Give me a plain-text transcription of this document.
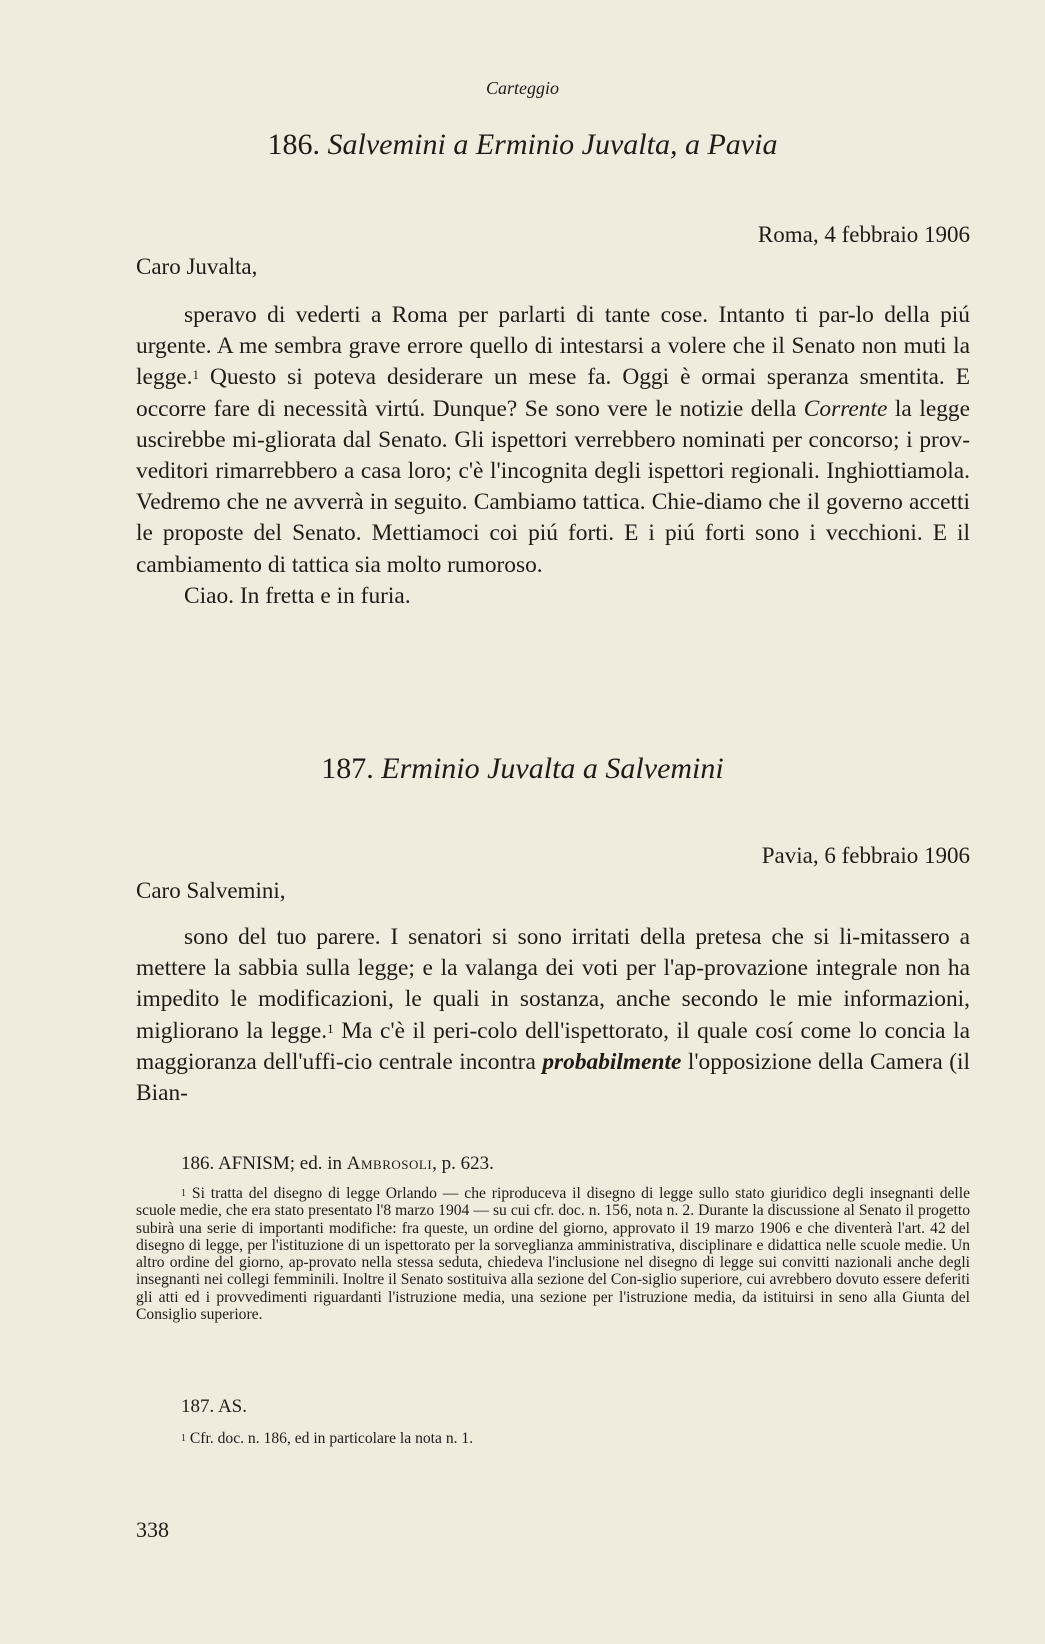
Carteggio
186. Salvemini a Erminio Juvalta, a Pavia
Roma, 4 febbraio 1906
Caro Juvalta,

speravo di vederti a Roma per parlarti di tante cose. Intanto ti par-lo della piú urgente. A me sembra grave errore quello di intestarsi a volere che il Senato non muti la legge.$^1$ Questo si poteva desiderare un mese fa. Oggi è ormai speranza smentita. E occorre fare di necessità virtú. Dunque? Se sono vere le notizie della Corrente la legge uscirebbe mi-gliorata dal Senato. Gli ispettori verrebbero nominati per concorso; i prov-veditori rimarrebbero a casa loro; c'è l'incognita degli ispettori regionali. Inghiottiamola. Vedremo che ne avverrà in seguito. Cambiamo tattica. Chie-diamo che il governo accetti le proposte del Senato. Mettiamoci coi piú forti. E i piú forti sono i vecchioni. E il cambiamento di tattica sia molto rumoroso.

Ciao. In fretta e in furia.

187. Erminio Juvalta a Salvemini
Pavia, 6 febbraio 1906
Caro Salvemini,

sono del tuo parere. I senatori si sono irritati della pretesa che si li-mitassero a mettere la sabbia sulla legge; e la valanga dei voti per l'ap-provazione integrale non ha impedito le modificazioni, le quali in sostanza, anche secondo le mie informazioni, migliorano la legge.$^1$ Ma c'è il peri-colo dell'ispettorato, il quale cosí come lo concia la maggioranza dell'uffi-cio centrale incontra probabilmente l'opposizione della Camera (il Bian-

186. AFNISM; ed. in Ambrosoli, p. 623.

$^1$ Si tratta del disegno di legge Orlando — che riproduceva il disegno di legge sullo stato giuridico degli insegnanti delle scuole medie, che era stato presentato l'8 marzo 1904 — su cui cfr. doc. n. 156, nota n. 2. Durante la discussione al Senato il progetto subirà una serie di importanti modifiche: fra queste, un ordine del giorno, approvato il 19 marzo 1906 e che diventerà l'art. 42 del disegno di legge, per l'istituzione di un ispettorato per la sorveglianza amministrativa, disciplinare e didattica nelle scuole medie. Un altro ordine del giorno, ap-provato nella stessa seduta, chiedeva l'inclusione nel disegno di legge sui convitti nazionali anche degli insegnanti nei collegi femminili. Inoltre il Senato sostituiva alla sezione del Con-siglio superiore, cui avrebbero dovuto essere deferiti gli atti ed i provvedimenti riguardanti l'istruzione media, una sezione per l'istruzione media, da istituirsi in seno alla Giunta del Consiglio superiore.

187. AS.

$^1$ Cfr. doc. n. 186, ed in particolare la nota n. 1.

338
